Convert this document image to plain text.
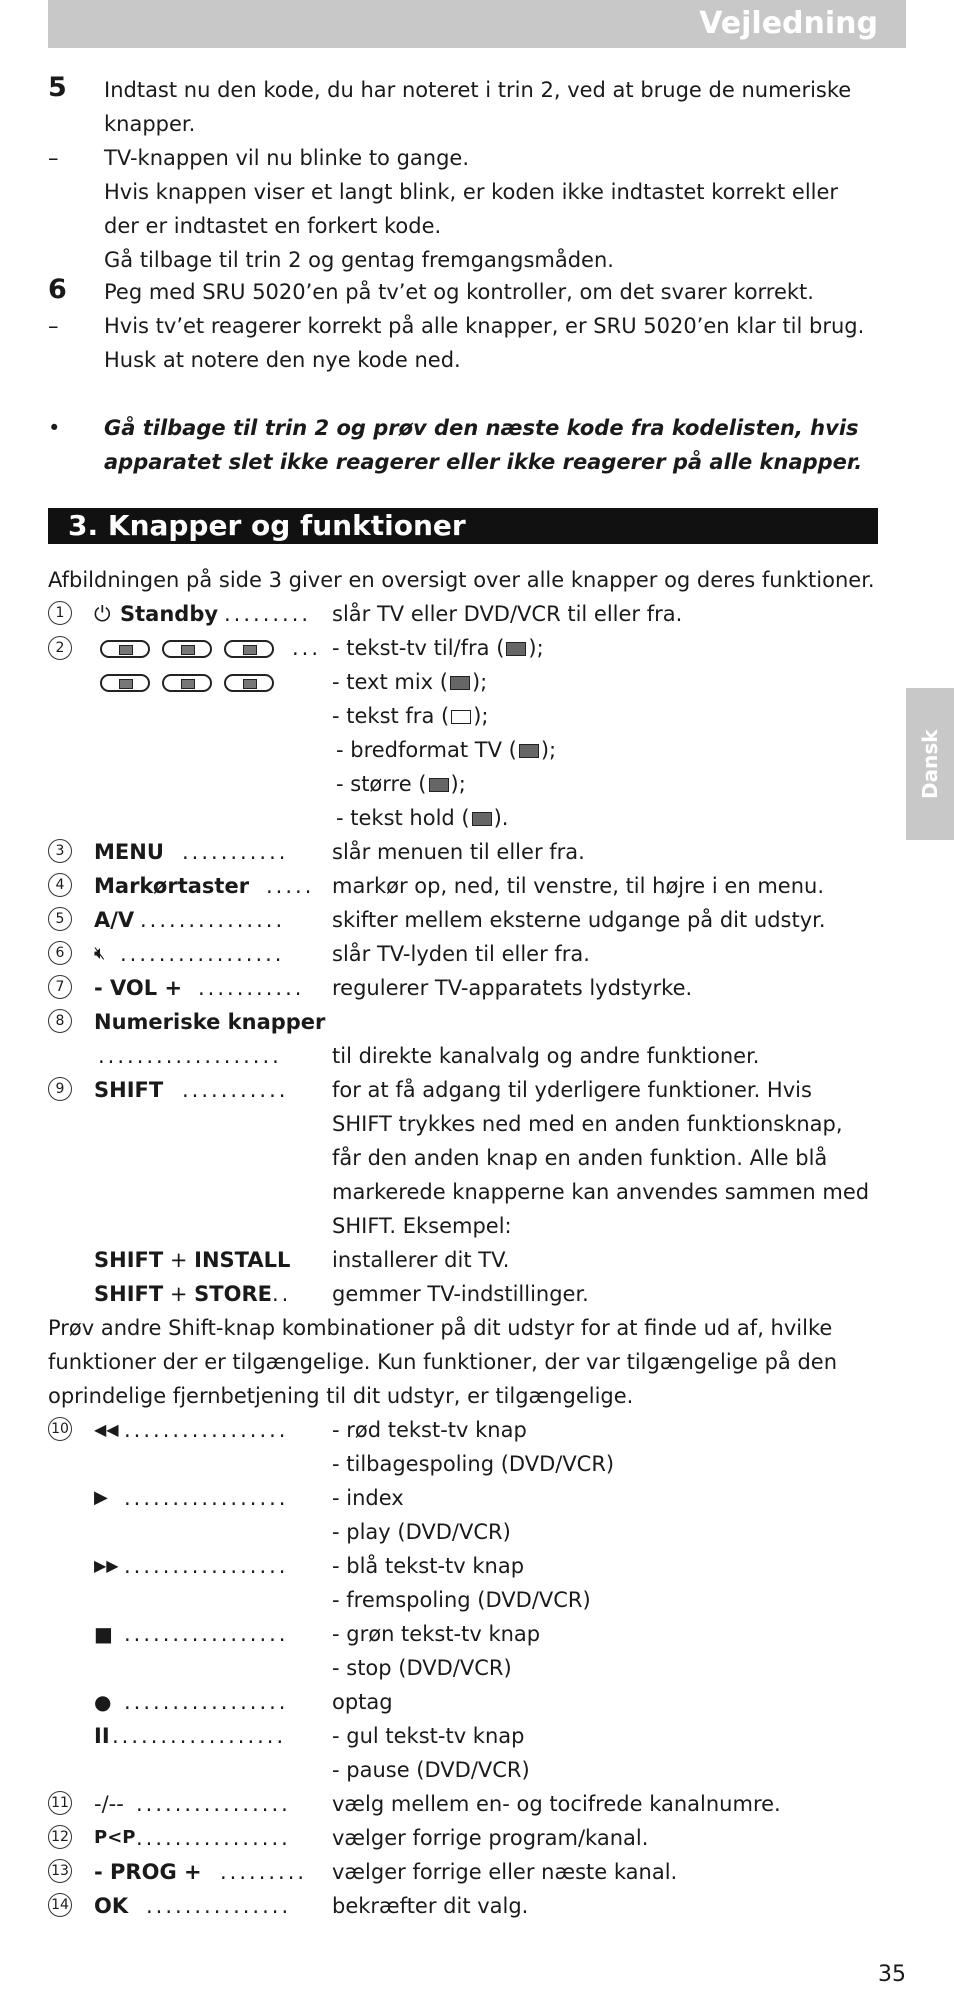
Vejledning
Dansk
5 Indtast nu den kode, du har noteret i trin 2, ved at bruge de numeriske
knapper.
– TV-knappen vil nu blinke to gange.
Hvis knappen viser et langt blink, er koden ikke indtastet korrekt eller
der er indtastet en forkert kode.
Gå tilbage til trin 2 og gentag fremgangsmåden.
6 Peg med SRU 5020’en på tv’et og kontroller, om det svarer korrekt.
– Hvis tv’et reagerer korrekt på alle knapper, er SRU 5020’en klar til brug.
Husk at notere den nye kode ned.
• Gå tilbage til trin 2 og prøv den næste kode fra kodelisten, hvis
apparatet slet ikke reagerer eller ikke reagerer på alle knapper.
3. Knapper og funktioner
Afbildningen på side 3 giver en oversigt over alle knapper og deres funktioner.
1	⏻ Standby ......... slår TV eller DVD/VCR til eller fra.
2	... - tekst-tv til/fra ( );
- text mix ( );
- tekst fra ( );
- bredformat TV ( );
- større ( );
- tekst hold ( ).
3	MENU ........... slår menuen til eller fra.
4	Markørtaster ..... markør op, ned, til venstre, til højre i en menu.
5	A/V ............... skifter mellem eksterne udgange på dit udstyr.
6	🔇︎ ................. slår TV-lyden til eller fra.
7	- VOL + ........... regulerer TV-apparatets lydstyrke.
8	Numeriske knapper
................... til direkte kanalvalg og andre funktioner.
9	SHIFT ........... for at få adgang til yderligere funktioner. Hvis
SHIFT trykkes ned med en anden funktionsknap,
får den anden knap en anden funktion. Alle blå
markerede knapperne kan anvendes sammen med
SHIFT. Eksempel:
SHIFT + INSTALL installerer dit TV.
SHIFT + STORE.. gemmer TV-indstillinger.
Prøv andre Shift-knap kombinationer på dit udstyr for at finde ud af, hvilke
funktioner der er tilgængelige. Kun funktioner, der var tilgængelige på den
oprindelige fjernbetjening til dit udstyr, er tilgængelige.
10 ◀◀ ................. - rød tekst-tv knap
- tilbagespoling (DVD/VCR)
▶ ................. - index
- play (DVD/VCR)
▶▶ ................. - blå tekst-tv knap
- fremspoling (DVD/VCR)
■ ................. - grøn tekst-tv knap
- stop (DVD/VCR)
● ................. optag
II .................. - gul tekst-tv knap
- pause (DVD/VCR)
11 -/-- ................ vælg mellem en- og tocifrede kanalnumre.
12 P<P ................ vælger forrige program/kanal.
13 - PROG + ......... vælger forrige eller næste kanal.
14 OK ............... bekræfter dit valg.
35
